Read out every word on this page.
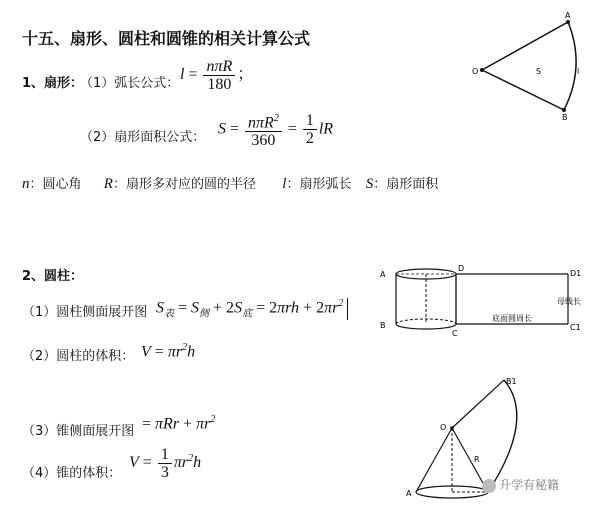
十五、扇形、圆柱和圆锥的相关计算公式
1、扇形：
（1）弧长公式：
$l = \frac{\text{nπR}}{180}$ ；
（2）扇形面积公式：
$S = \frac{n\pi R^2}{360} = \frac{1}{2}$ lR
n：圆心角 R：扇形多对应的圆的半径 l：扇形弧长 S：扇形面积
O
A
B
S	l
2、圆柱：
（1）圆柱侧面展开图 $S_表 = S_侧 + 2S_底 = 2\pi rh + 2\pi r^2$
（2）圆柱的体积： $V = \pi r^2h$
A
B
C
D
D1
C1
母线长
底面圆周长
（3）锥侧面展开图 = $\pi Rr + \pi r^2$
（4）锥的体积：
$V = \frac{1}{3} \pi r^2h$
O
B1
R
A
升学有秘籍
